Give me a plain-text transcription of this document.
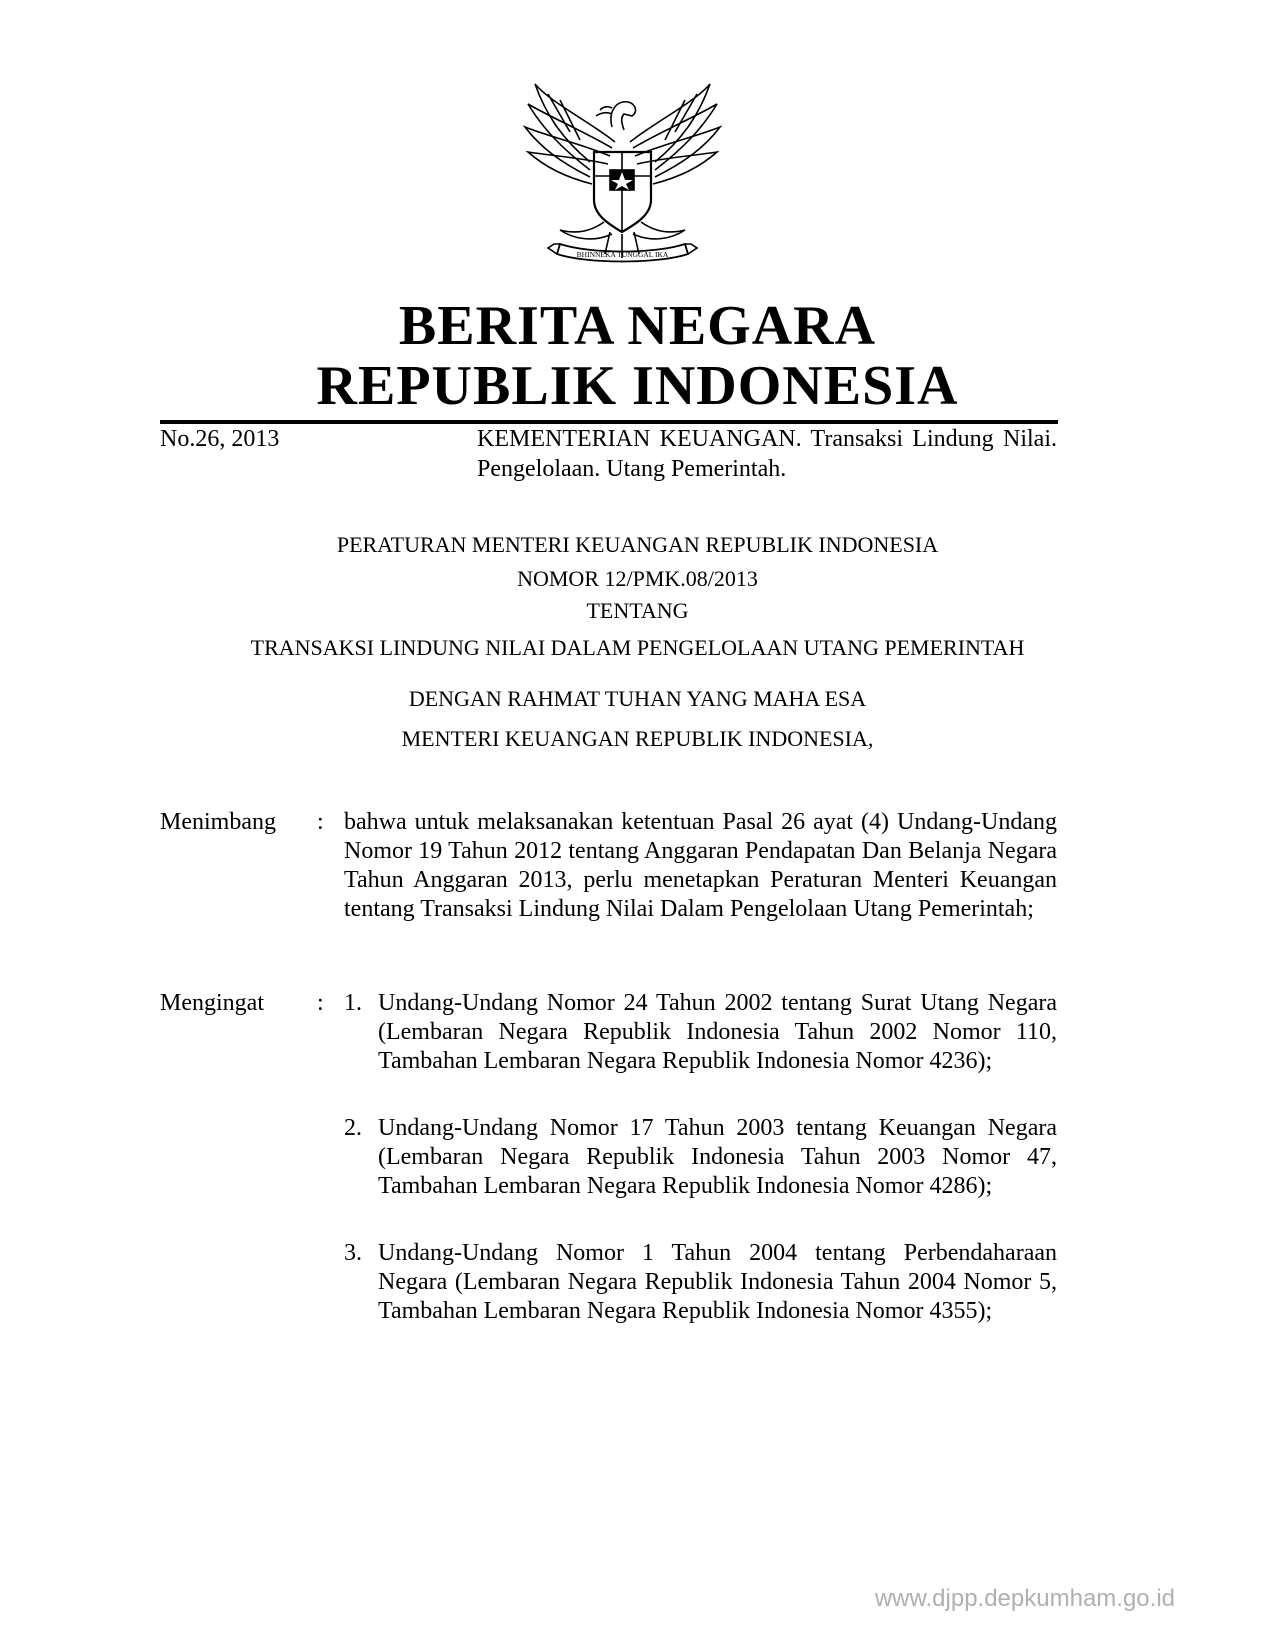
BHINNEKA TUNGGAL IKA
BERITA NEGARA
REPUBLIK INDONESIA
No.26, 2013	KEMENTERIAN KEUANGAN. Transaksi Lindung Nilai. Pengelolaan. Utang Pemerintah.
PERATURAN MENTERI KEUANGAN REPUBLIK INDONESIA
NOMOR 12/PMK.08/2013
TENTANG
TRANSAKSI LINDUNG NILAI DALAM PENGELOLAAN UTANG PEMERINTAH
DENGAN RAHMAT TUHAN YANG MAHA ESA
MENTERI KEUANGAN REPUBLIK INDONESIA,
Menimbang : bahwa untuk melaksanakan ketentuan Pasal 26 ayat (4) Undang-Undang Nomor 19 Tahun 2012 tentang Anggaran Pendapatan Dan Belanja Negara Tahun Anggaran 2013, perlu menetapkan Peraturan Menteri Keuangan tentang Transaksi Lindung Nilai Dalam Pengelolaan Utang Pemerintah;
Mengingat : 1. Undang-Undang Nomor 24 Tahun 2002 tentang Surat Utang Negara (Lembaran Negara Republik Indonesia Tahun 2002 Nomor 110, Tambahan Lembaran Negara Republik Indonesia Nomor 4236);
2. Undang-Undang Nomor 17 Tahun 2003 tentang Keuangan Negara (Lembaran Negara Republik Indonesia Tahun 2003 Nomor 47, Tambahan Lembaran Negara Republik Indonesia Nomor 4286);
3. Undang-Undang Nomor 1 Tahun 2004 tentang Perbendaharaan Negara (Lembaran Negara Republik Indonesia Tahun 2004 Nomor 5, Tambahan Lembaran Negara Republik Indonesia Nomor 4355);
www.djpp.depkumham.go.id
